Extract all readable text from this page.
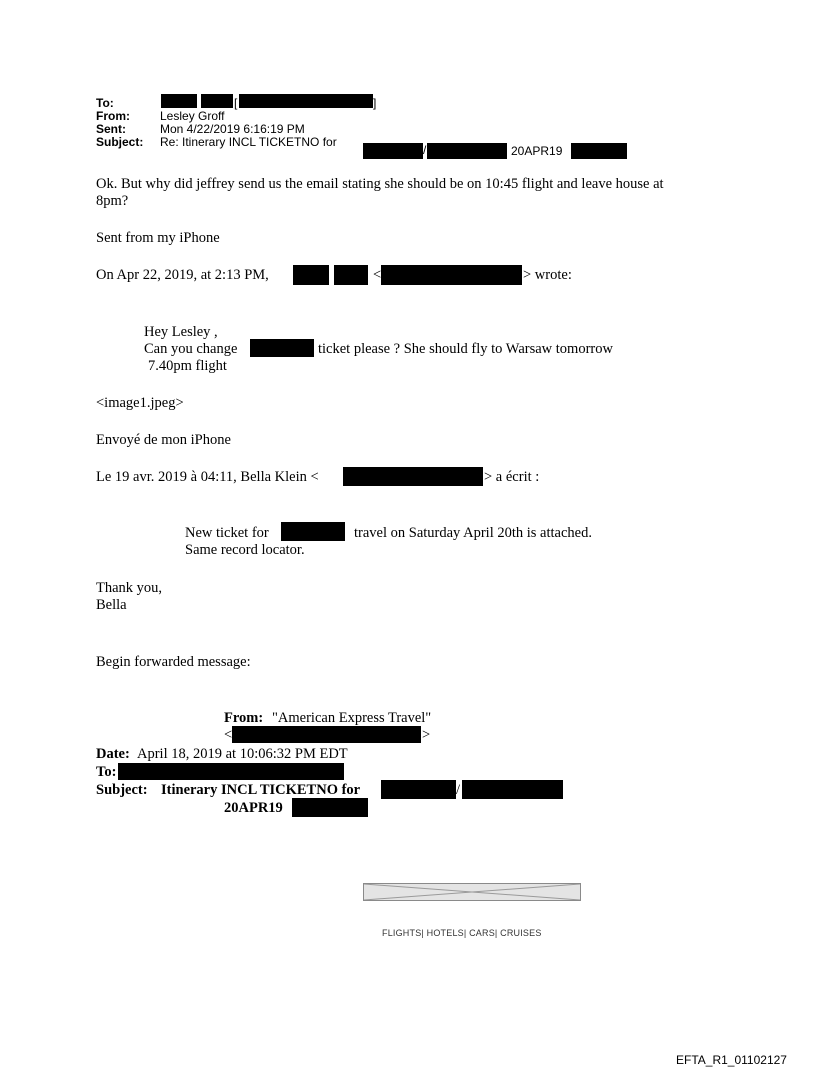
To:	[	]
From:	Lesley Groff
Sent:	Mon 4/22/2019 6:16:19 PM
Subject: Re: Itinerary INCL TICKETNO for
/	20APR19
Ok. But why did jeffrey send us the email stating she should be on 10:45 flight and leave house at
8pm?
Sent from my iPhone
On Apr 22, 2019, at 2:13 PM,	<	> wrote:
Hey Lesley ,
Can you change	ticket please ? She should fly to Warsaw tomorrow
7.40pm flight
<image1.jpeg>
Envoyé de mon iPhone
Le 19 avr. 2019 à 04:11, Bella Klein <	> a écrit :
New ticket for	travel on Saturday April 20th is attached.
Same record locator.
Thank you,
Bella
Begin forwarded message:
From: "American Express Travel"
<	>
Date: April 18, 2019 at 10:06:32 PM EDT
To:
Subject: Itinerary INCL TICKETNO for	/
20APR19
FLIGHTS| HOTELS| CARS| CRUISES
EFTA_R1_01102127
